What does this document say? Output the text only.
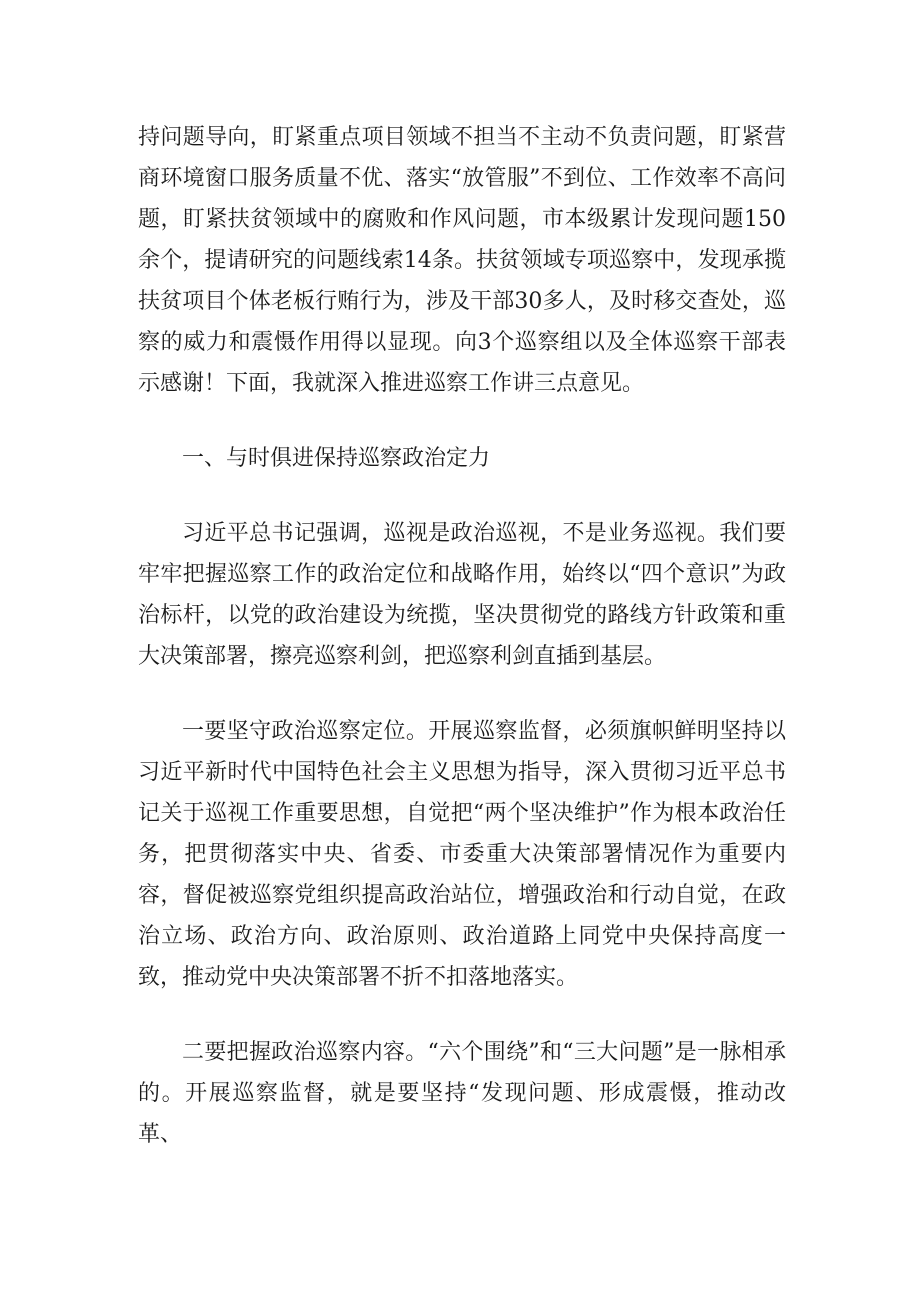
持问题导向，盯紧重点项目领域不担当不主动不负责问题，盯紧营商环境窗口服务质量不优、落实“放管服”不到位、工作效率不高问题，盯紧扶贫领域中的腐败和作风问题，市本级累计发现问题150余个，提请研究的问题线索14条。扶贫领域专项巡察中，发现承揽扶贫项目个体老板行贿行为，涉及干部30多人，及时移交查处，巡察的威力和震慑作用得以显现。向3个巡察组以及全体巡察干部表示感谢！下面，我就深入推进巡察工作讲三点意见。

一、与时俱进保持巡察政治定力

习近平总书记强调，巡视是政治巡视，不是业务巡视。我们要牢牢把握巡察工作的政治定位和战略作用，始终以“四个意识”为政治标杆，以党的政治建设为统揽，坚决贯彻党的路线方针政策和重大决策部署，擦亮巡察利剑，把巡察利剑直插到基层。

一要坚守政治巡察定位。开展巡察监督，必须旗帜鲜明坚持以习近平新时代中国特色社会主义思想为指导，深入贯彻习近平总书记关于巡视工作重要思想，自觉把“两个坚决维护”作为根本政治任务，把贯彻落实中央、省委、市委重大决策部署情况作为重要内容，督促被巡察党组织提高政治站位，增强政治和行动自觉，在政治立场、政治方向、政治原则、政治道路上同党中央保持高度一致，推动党中央决策部署不折不扣落地落实。

二要把握政治巡察内容。“六个围绕”和“三大问题”是一脉相承的。开展巡察监督，就是要坚持“发现问题、形成震慑，推动改革、
